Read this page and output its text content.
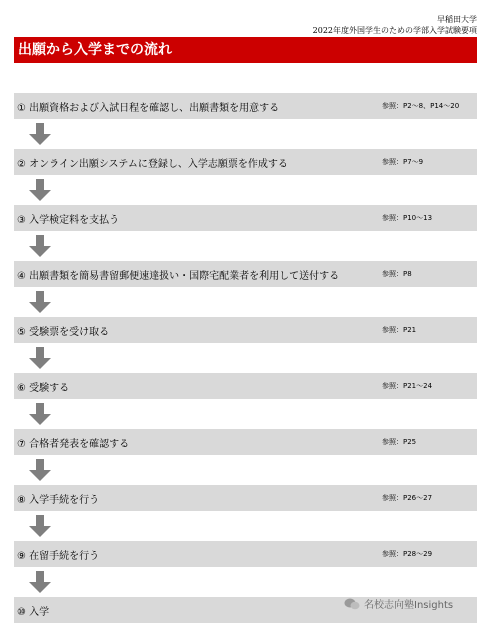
早稲田大学
2022年度外国学生のための学部入学試験要項
出願から入学までの流れ
① 出願資格および入試日程を確認し、出願書類を用意する	参照：P2～8、P14～20
② オンライン出願システムに登録し、入学志願票を作成する	参照：P7～9
③ 入学検定料を支払う	参照：P10～13
④ 出願書類を簡易書留郵便速達扱い・国際宅配業者を利用して送付する	参照：P8
⑤ 受験票を受け取る	参照：P21
⑥ 受験する	参照：P21～24
⑦ 合格者発表を確認する	参照：P25
⑧ 入学手続を行う	参照：P26～27
⑨ 在留手続を行う	参照：P28～29
⑩ 入学
名校志向塾Insights
